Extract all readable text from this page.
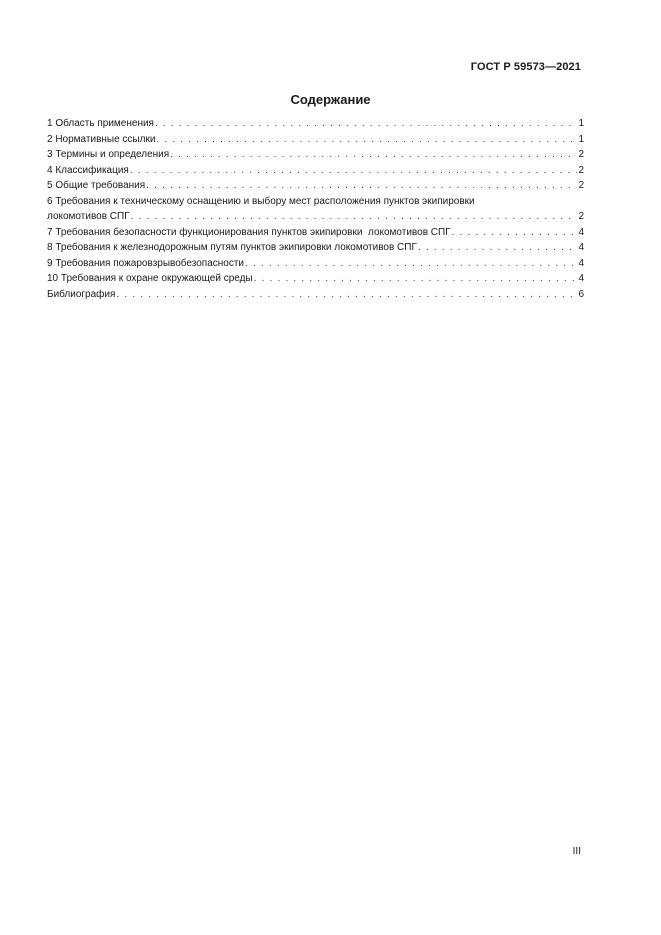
ГОСТ Р 59573—2021
Содержание
1 Область применения . . .	1
2 Нормативные ссылки . . .	1
3 Термины и определения . . .	2
4 Классификация . . .	2
5 Общие требования . . .	2
6 Требования к техническому оснащению и выбору мест расположения пунктов экипировки
локомотивов СПГ . . .	2
7 Требования безопасности функционирования пунктов экипировки  локомотивов СПГ . . .	4
8 Требования к железнодорожным путям пунктов экипировки локомотивов СПГ . . .	4
9 Требования пожаровзрывобезопасности . . .	4
10 Требования к охране окружающей среды . . .	4
Библиография . . .	6
III
